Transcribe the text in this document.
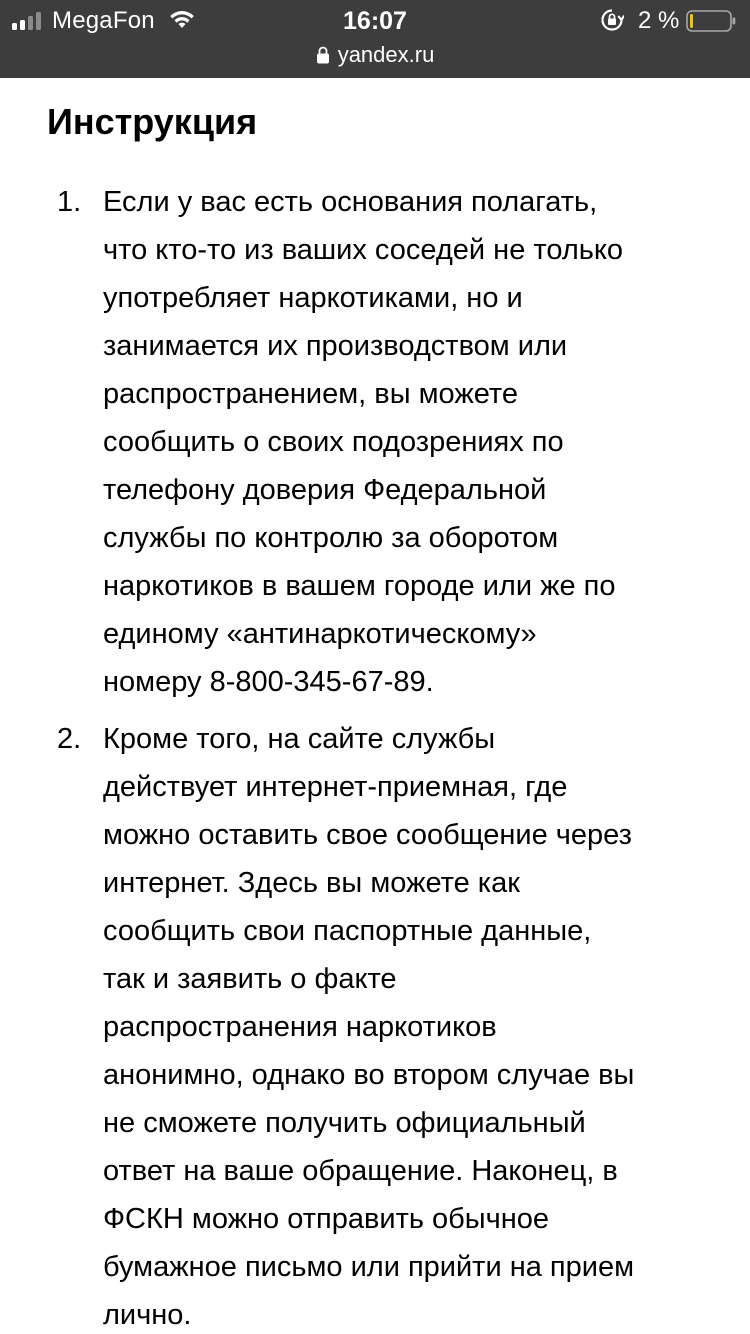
MegaFon	16:07	2 %
yandex.ru
Инструкция
1. Если у вас есть основания полагать,
что кто-то из ваших соседей не только
употребляет наркотиками, но и
занимается их производством или
распространением, вы можете
сообщить о своих подозрениях по
телефону доверия Федеральной
службы по контролю за оборотом
наркотиков в вашем городе или же по
единому «антинаркотическому»
номеру 8-800-345-67-89.

2. Кроме того, на сайте службы
действует интернет-приемная, где
можно оставить свое сообщение через
интернет. Здесь вы можете как
сообщить свои паспортные данные,
так и заявить о факте
распространения наркотиков
анонимно, однако во втором случае вы
не сможете получить официальный
ответ на ваше обращение. Наконец, в
ФСКН можно отправить обычное
бумажное письмо или прийти на прием
лично.
